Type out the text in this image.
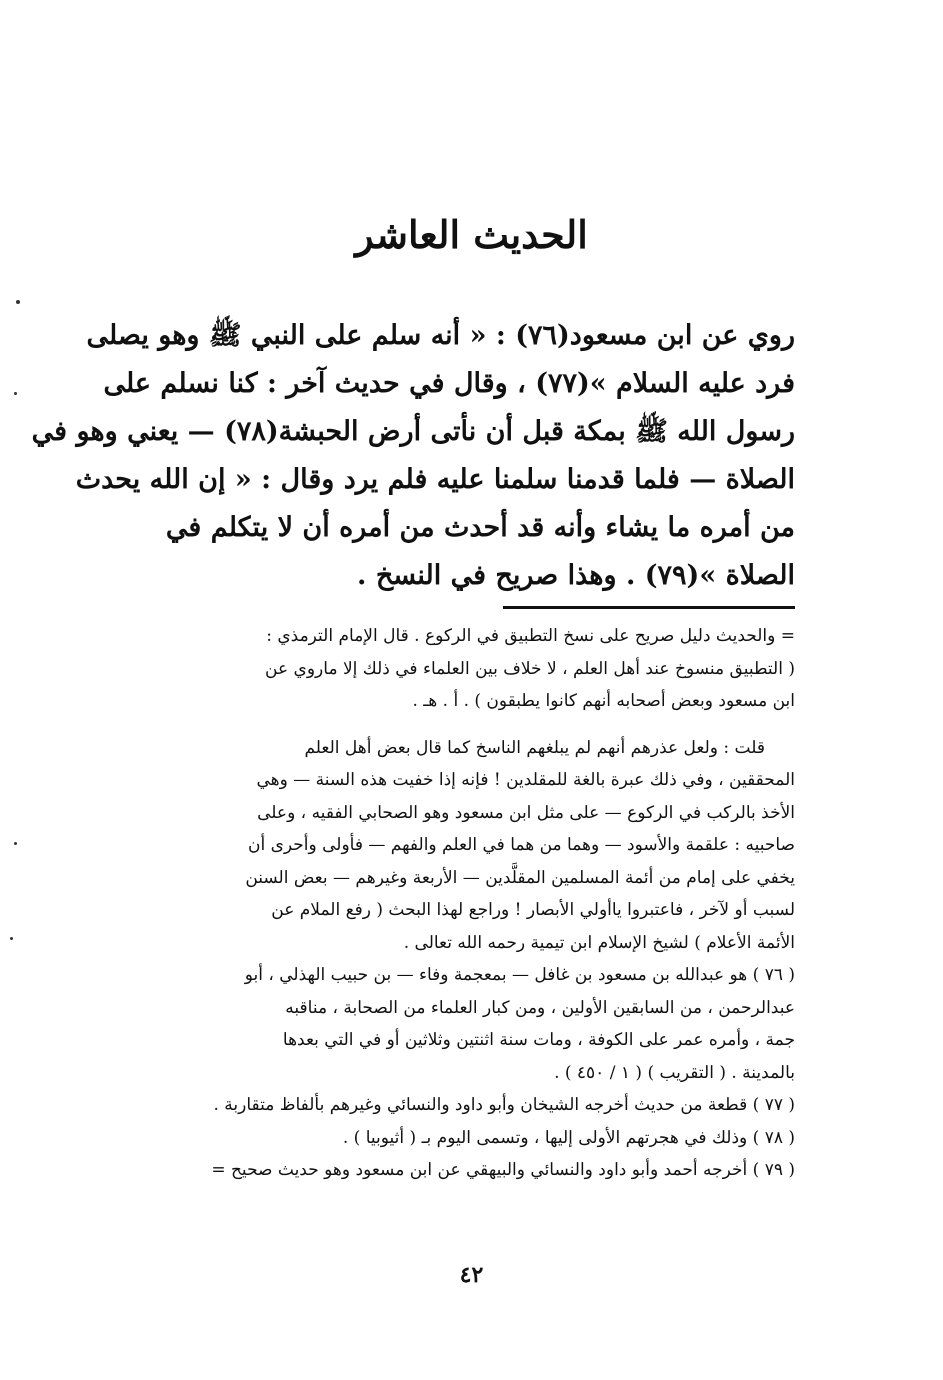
الحديث العاشر
روي عن ابن مسعود(٧٦) : « أنه سلم على النبي ﷺ وهو يصلى
فرد عليه السلام »(٧٧) ، وقال في حديث آخر : كنا نسلم على
رسول الله ﷺ بمكة قبل أن نأتى أرض الحبشة(٧٨) — يعني وهو في
الصلاة — فلما قدمنا سلمنا عليه فلم يرد وقال : « إن الله يحدث
من أمره ما يشاء وأنه قد أحدث من أمره أن لا يتكلم في
الصلاة »(٧٩) . وهذا صريح في النسخ .
= والحديث دليل صريح على نسخ التطبيق في الركوع . قال الإمام الترمذي :
( التطبيق منسوخ عند أهل العلم ، لا خلاف بين العلماء في ذلك إلا ماروي عن
ابن مسعود وبعض أصحابه أنهم كانوا يطبقون ) . أ . هـ .
قلت : ولعل عذرهم أنهم لم يبلغهم الناسخ كما قال بعض أهل العلم
المحققين ، وفي ذلك عبرة بالغة للمقلدين ! فإنه إذا خفيت هذه السنة — وهي
الأخذ بالركب في الركوع — على مثل ابن مسعود وهو الصحابي الفقيه ، وعلى
صاحبيه : علقمة والأسود — وهما من هما في العلم والفهم — فأولى وأحرى أن
يخفي على إمام من أئمة المسلمين المقلَّدين — الأربعة وغيرهم — بعض السنن
لسبب أو لآخر ، فاعتبروا ياأولي الأبصار ! وراجع لهذا البحث ( رفع الملام عن
الأئمة الأعلام ) لشيخ الإسلام ابن تيمية رحمه الله تعالى .
( ٧٦ ) هو عبدالله بن مسعود بن غافل — بمعجمة وفاء — بن حبيب الهذلي ، أبو
عبدالرحمن ، من السابقين الأولين ، ومن كبار العلماء من الصحابة ، مناقبه
جمة ، وأمره عمر على الكوفة ، ومات سنة اثنتين وثلاثين أو في التي بعدها
بالمدينة . ( التقريب ) ( ١ / ٤٥٠ ) .
( ٧٧ ) قطعة من حديث أخرجه الشيخان وأبو داود والنسائي وغيرهم بألفاظ متقاربة .
( ٧٨ ) وذلك في هجرتهم الأولى إليها ، وتسمى اليوم بـ ( أثيوبيا ) .
( ٧٩ ) أخرجه أحمد وأبو داود والنسائي والبيهقي عن ابن مسعود وهو حديث صحيح =
٤٢
